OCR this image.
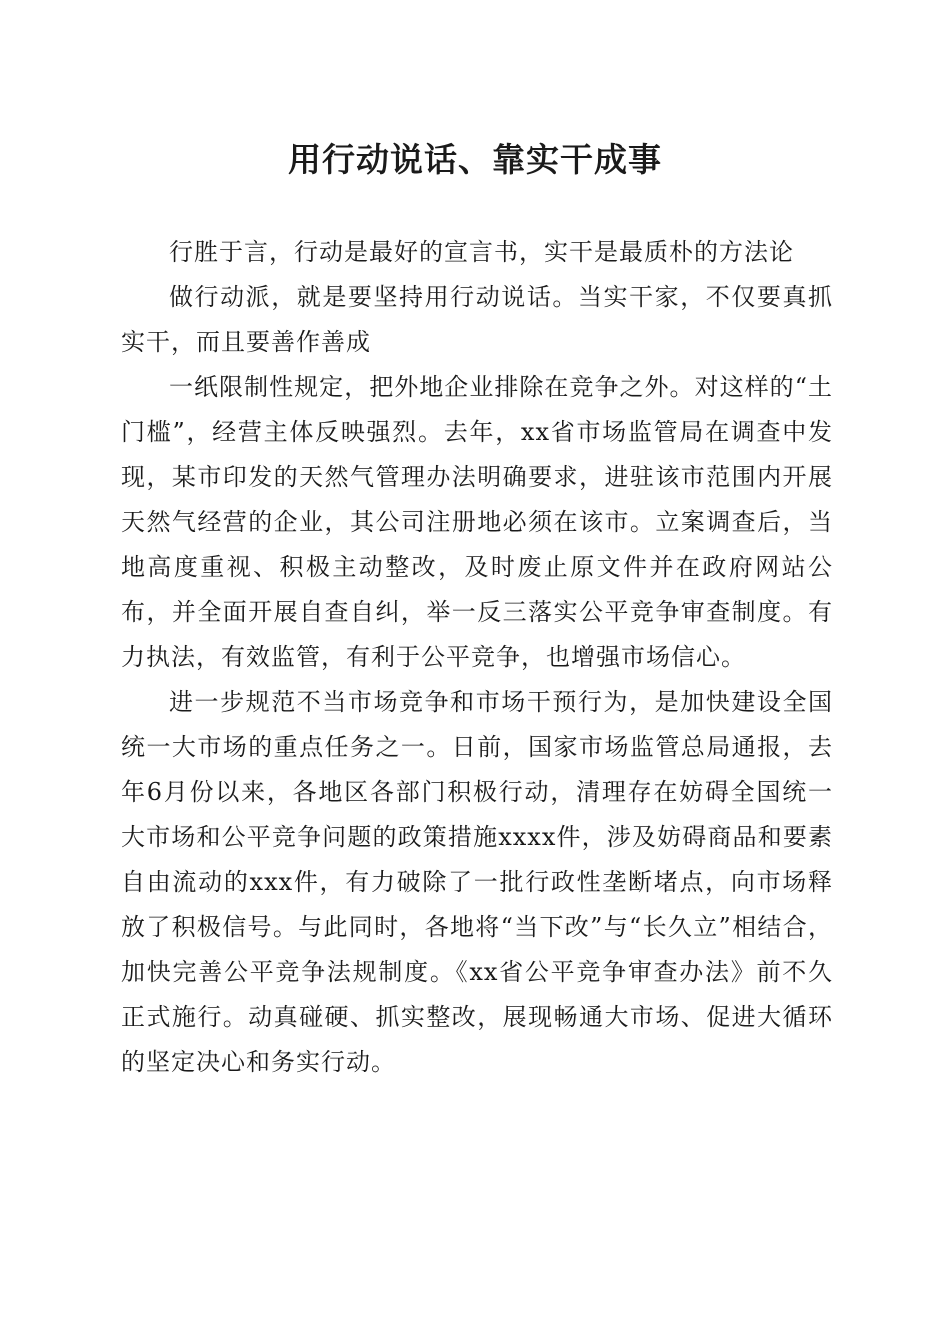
用行动说话、靠实干成事

行胜于言，行动是最好的宣言书，实干是最质朴的方法论

做行动派，就是要坚持用行动说话。当实干家，不仅要真抓实干，而且要善作善成

一纸限制性规定，把外地企业排除在竞争之外。对这样的“土门槛”，经营主体反映强烈。去年，xx省市场监管局在调查中发现，某市印发的天然气管理办法明确要求，进驻该市范围内开展天然气经营的企业，其公司注册地必须在该市。立案调查后，当地高度重视、积极主动整改，及时废止原文件并在政府网站公布，并全面开展自查自纠，举一反三落实公平竞争审查制度。有力执法，有效监管，有利于公平竞争，也增强市场信心。

进一步规范不当市场竞争和市场干预行为，是加快建设全国统一大市场的重点任务之一。日前，国家市场监管总局通报，去年6月份以来，各地区各部门积极行动，清理存在妨碍全国统一大市场和公平竞争问题的政策措施xxxx件，涉及妨碍商品和要素自由流动的xxx件，有力破除了一批行政性垄断堵点，向市场释放了积极信号。与此同时，各地将“当下改”与“长久立”相结合，加快完善公平竞争法规制度。《xx省公平竞争审查办法》前不久正式施行。动真碰硬、抓实整改，展现畅通大市场、促进大循环的坚定决心和务实行动。
